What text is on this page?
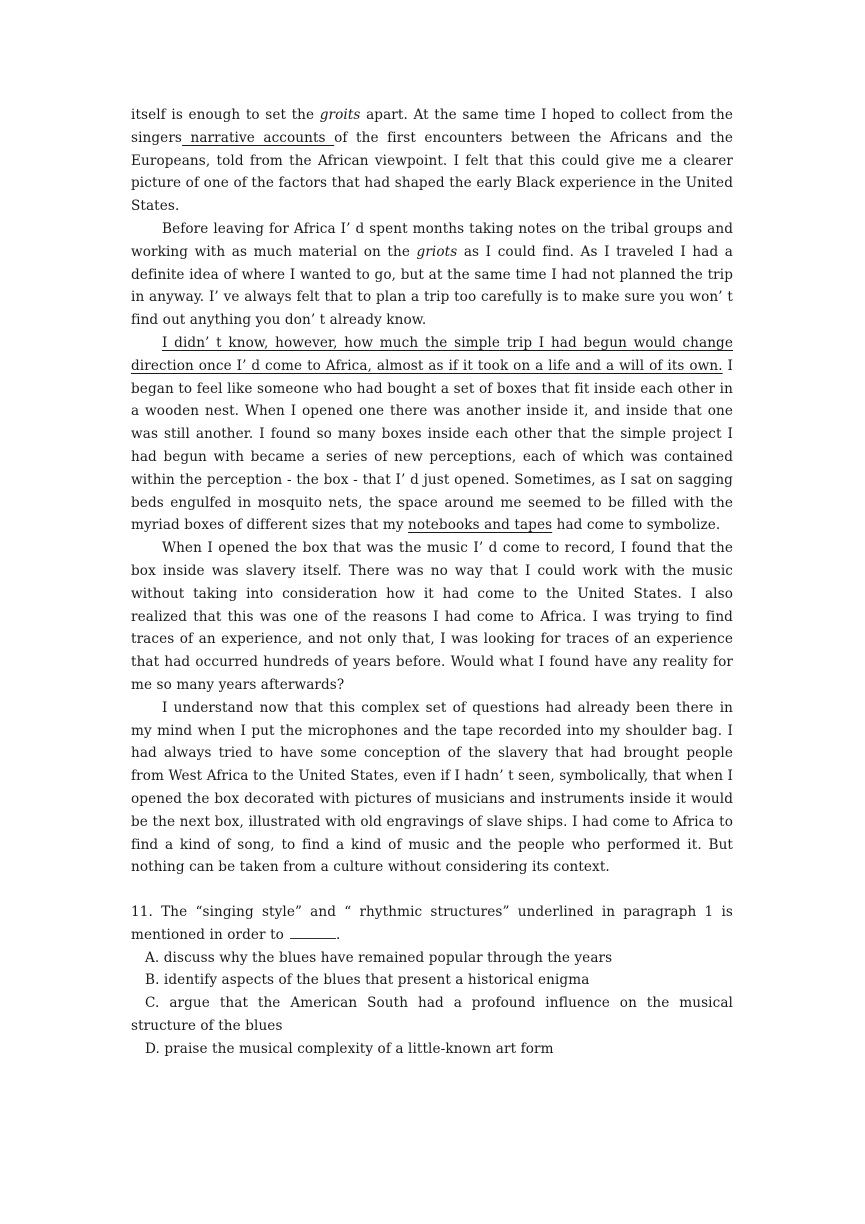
itself is enough to set the groits apart. At the same time I hoped to collect from the singers narrative accounts of the first encounters between the Africans and the Europeans, told from the African viewpoint. I felt that this could give me a clearer picture of one of the factors that had shaped the early Black experience in the United States.

Before leaving for Africa I’ d spent months taking notes on the tribal groups and working with as much material on the griots as I could find. As I traveled I had a definite idea of where I wanted to go, but at the same time I had not planned the trip in anyway. I’ ve always felt that to plan a trip too carefully is to make sure you won’ t find out anything you don’ t already know.

I didn’ t know, however, how much the simple trip I had begun would change direction once I’ d come to Africa, almost as if it took on a life and a will of its own. I began to feel like someone who had bought a set of boxes that fit inside each other in a wooden nest. When I opened one there was another inside it, and inside that one was still another. I found so many boxes inside each other that the simple project I had begun with became a series of new perceptions, each of which was contained within the perception - the box - that I’ d just opened. Sometimes, as I sat on sagging beds engulfed in mosquito nets, the space around me seemed to be filled with the myriad boxes of different sizes that my notebooks and tapes had come to symbolize.

When I opened the box that was the music I’ d come to record, I found that the box inside was slavery itself. There was no way that I could work with the music without taking into consideration how it had come to the United States. I also realized that this was one of the reasons I had come to Africa. I was trying to find traces of an experience, and not only that, I was looking for traces of an experience that had occurred hundreds of years before. Would what I found have any reality for me so many years afterwards?

I understand now that this complex set of questions had already been there in my mind when I put the microphones and the tape recorded into my shoulder bag. I had always tried to have some conception of the slavery that had brought people from West Africa to the United States, even if I hadn’ t seen, symbolically, that when I opened the box decorated with pictures of musicians and instruments inside it would be the next box, illustrated with old engravings of slave ships. I had come to Africa to find a kind of song, to find a kind of music and the people who performed it. But nothing can be taken from a culture without considering its context.

11. The “singing style” and “ rhythmic structures” underlined in paragraph 1 is mentioned in order to	.

A. discuss why the blues have remained popular through the years

B. identify aspects of the blues that present a historical enigma

C. argue that the American South had a profound influence on the musical structure of the blues

D. praise the musical complexity of a little-known art form
